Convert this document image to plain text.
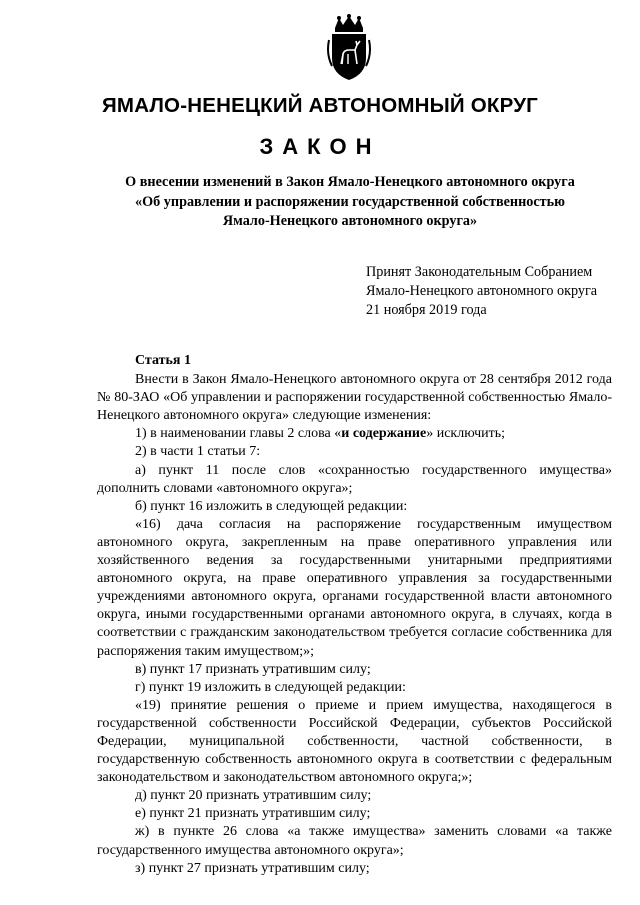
ЯМАЛО-НЕНЕЦКИЙ АВТОНОМНЫЙ ОКРУГ
ЗАКОН
О внесении изменений в Закон Ямало-Ненецкого автономного округа
«Об управлении и распоряжении государственной собственностью
Ямало-Ненецкого автономного округа»
Принят Законодательным Собранием
Ямало-Ненецкого автономного округа
21 ноября 2019 года
Статья 1

Внести в Закон Ямало-Ненецкого автономного округа от 28 сентября 2012 года № 80-ЗАО «Об управлении и распоряжении государственной собственностью Ямало-Ненецкого автономного округа» следующие изменения:

1) в наименовании главы 2 слова «и содержание» исключить;
2) в части 1 статьи 7:

а) пункт 11 после слов «сохранностью государственного имущества» дополнить словами «автономного округа»;

б) пункт 16 изложить в следующей редакции:

«16) дача согласия на распоряжение государственным имуществом автономного округа, закрепленным на праве оперативного управления или хозяйственного ведения за государственными унитарными предприятиями автономного округа, на праве оперативного управления за государственными учреждениями автономного округа, органами государственной власти автономного округа, иными государственными органами автономного округа, в случаях, когда в соответствии с гражданским законодательством требуется согласие собственника для распоряжения таким имуществом;»;

в) пункт 17 признать утратившим силу;
г) пункт 19 изложить в следующей редакции:

«19) принятие решения о приеме и прием имущества, находящегося в государственной собственности Российской Федерации, субъектов Российской Федерации, муниципальной собственности, частной собственности, в государственную собственность автономного округа в соответствии с федеральным законодательством и законодательством автономного округа;»;

д) пункт 20 признать утратившим силу;
е) пункт 21 признать утратившим силу;

ж) в пункте 26 слова «а также имущества» заменить словами «а также государственного имущества автономного округа»;

з) пункт 27 признать утратившим силу;
